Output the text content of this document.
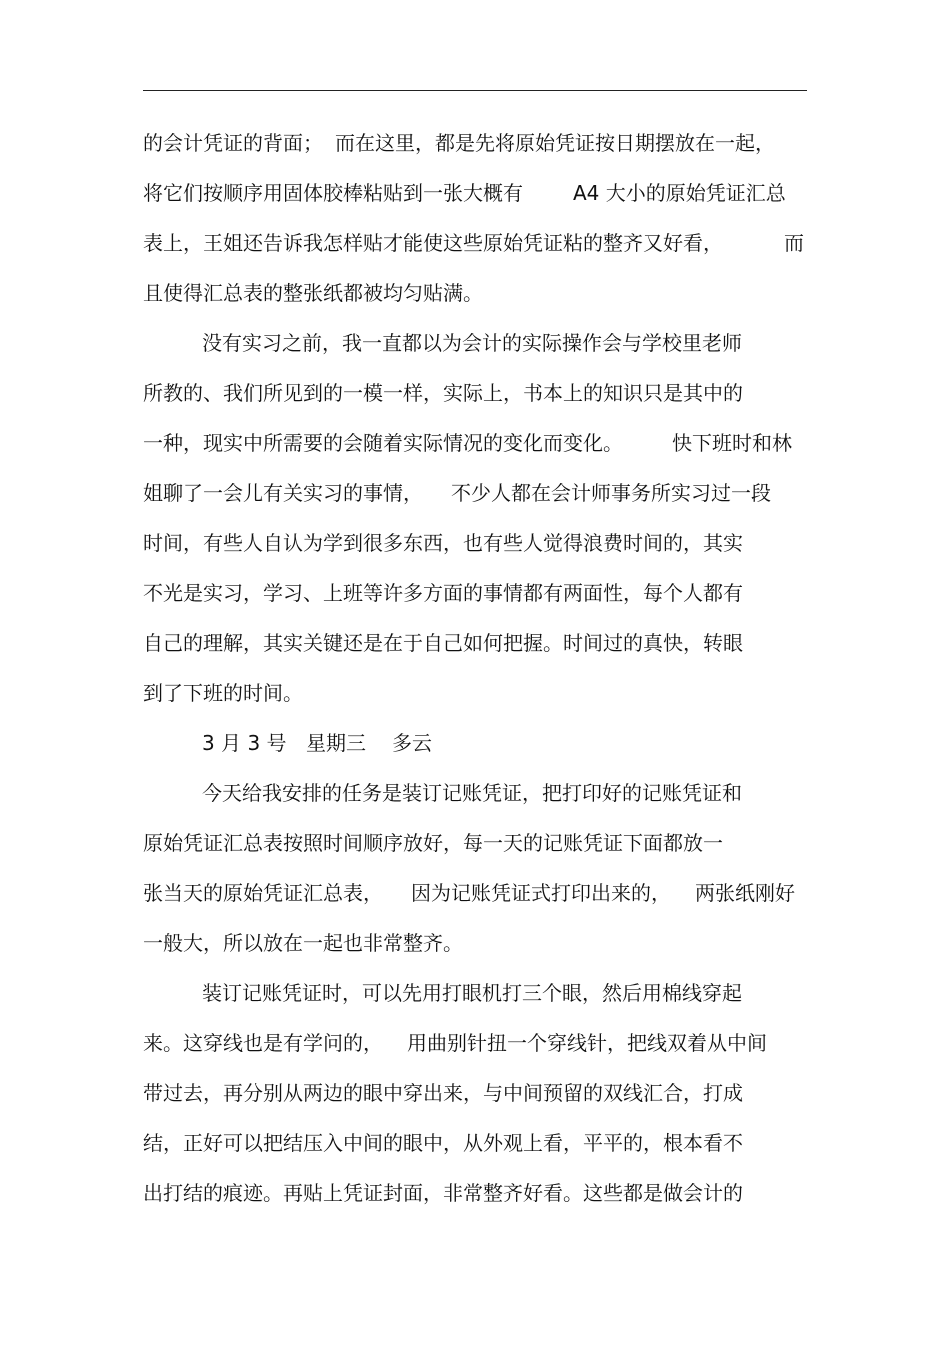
的会计凭证的背面；

而在这里，都是先将原始凭证按日期摆放在一起，

将它们按顺序用固体胶棒粘贴到一张大概有

	A4 大小的原始凭证汇总

表上，王姐还告诉我怎样贴才能使这些原始凭证粘的整齐又好看，

	而

且使得汇总表的整张纸都被均匀贴满。

没有实习之前，我一直都以为会计的实际操作会与学校里老师

所教的、我们所见到的一模一样，实际上，书本上的知识只是其中的

一种，现实中所需要的会随着实际情况的变化而变化。

快下班时和林

姐聊了一会儿有关实习的事情，

不少人都在会计师事务所实习过一段

时间，有些人自认为学到很多东西，也有些人觉得浪费时间的，其实

不光是实习，学习、上班等许多方面的事情都有两面性，每个人都有

自己的理解，其实关键还是在于自己如何把握。时间过的真快，转眼

到了下班的时间。

3 月 3 号

星期三

多云

今天给我安排的任务是装订记账凭证，把打印好的记账凭证和

原始凭证汇总表按照时间顺序放好，每一天的记账凭证下面都放一

张当天的原始凭证汇总表，

因为记账凭证式打印出来的，

两张纸刚好

一般大，所以放在一起也非常整齐。

装订记账凭证时，可以先用打眼机打三个眼，然后用棉线穿起

来。这穿线也是有学问的，

用曲别针扭一个穿线针，把线双着从中间

带过去，再分别从两边的眼中穿出来，与中间预留的双线汇合，打成

结，正好可以把结压入中间的眼中，从外观上看，平平的，根本看不

出打结的痕迹。再贴上凭证封面，非常整齐好看。这些都是做会计的
